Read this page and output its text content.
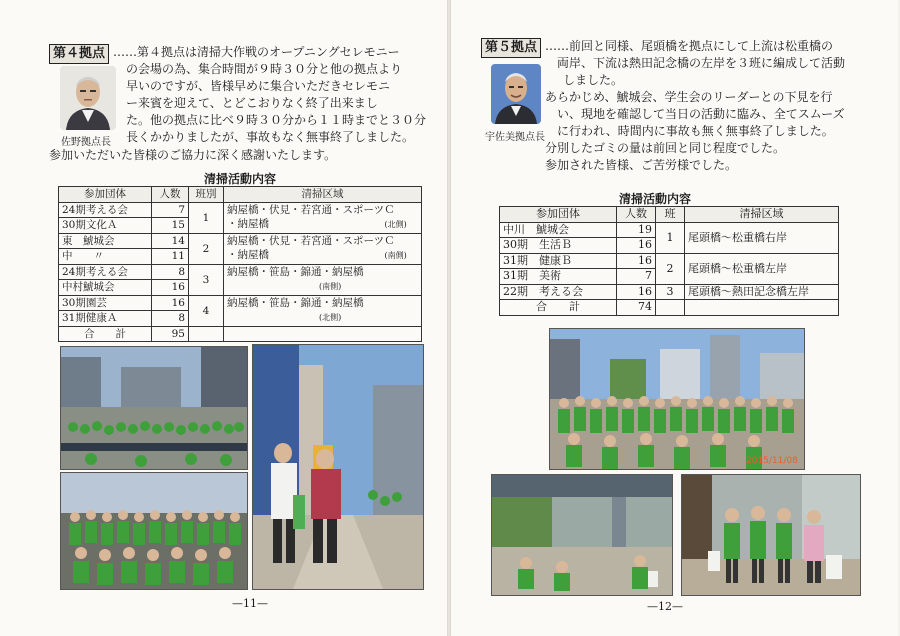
第４拠点 ‥‥‥第４拠点は清掃大作戦のオープニングセレモニー
の会場の為、集合時間が９時３０分と他の拠点より
早いのですが、皆様早めに集合いただきセレモニ
ー来賓を迎えて、とどこおりなく終了出来まし
た。他の拠点に比べ９時３０分から１１時までと３０分
長くかかりましたが、事故もなく無事終了しました。
参加いただいた皆様のご協力に深く感謝いたします。
佐野拠点長
清掃活動内容
参加団体	人数	班別	清掃区域
24期考える会	7	1	納屋橋・伏見・若宮通・スポーツＣ
・納屋橋　　　　　　　　　　　 (北側)

30期文化Ａ	15		
東　鯱城会	14	2	納屋橋・伏見・若宮通・スポーツＣ
・納屋橋　　　　　　　　　　　 (南側)

中　　〃	11		
24期考える会	8	3	納屋橋・笹島・錦通・納屋橋
(南側)

中村鯱城会	16		
30期園芸	16	4	納屋橋・笹島・錦通・納屋橋
(北側)

31期健康Ａ	8		
合　　計	95		
—11—
第５拠点 ‥‥‥前回と同様、尾頭橋を拠点にして上流は松重橋の
両岸、下流は熱田記念橋の左岸を３班に編成して活動
しました。
あらかじめ、鯱城会、学生会のリーダーとの下見を行
い、現地を確認して当日の活動に臨み、全てスムーズ
に行われ、時間内に事故も無く無事終了しました。
分別したゴミの量は前回と同じ程度でした。
参加された皆様、ご苦労様でした。
宇佐美拠点長
清掃活動内容
参加団体	人数	班	清掃区域
中川　鯱城会	19	1	尾頭橋〜松重橋右岸
30期　生活Ｂ	16		
31期　健康Ｂ	16	2	尾頭橋〜松重橋左岸
31期　美術	7		
22期　考える会	16	3	尾頭橋〜熱田記念橋左岸
合　　計	74		
2015/11/08
—12—
